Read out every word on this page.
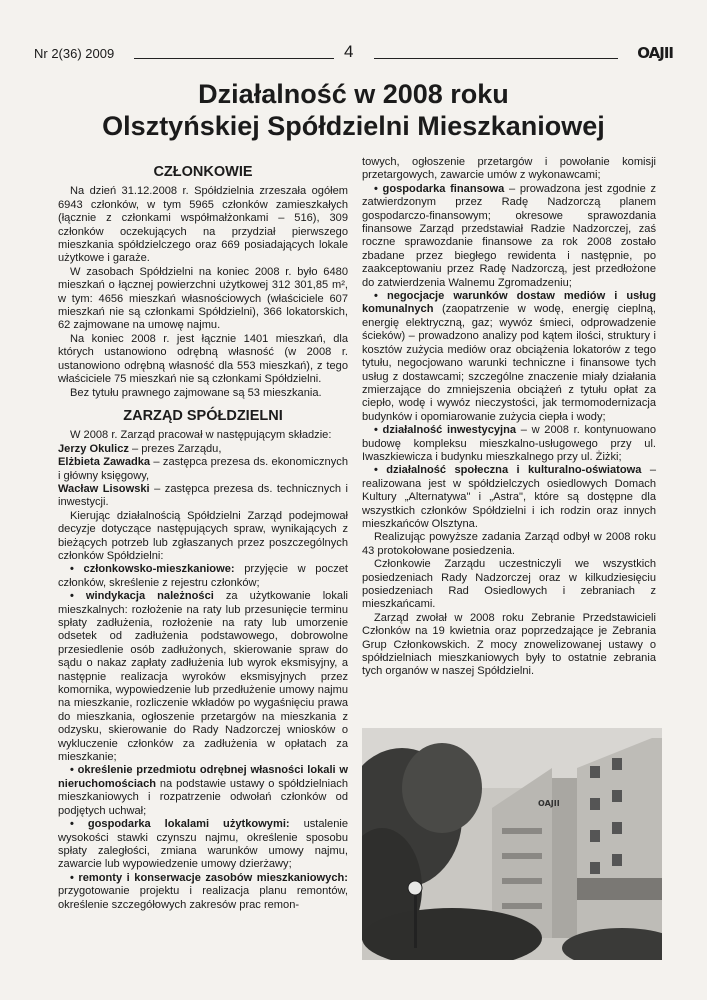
Nr 2(36) 2009	4	OAJII
Działalność w 2008 roku
Olsztyńskiej Spółdzielni Mieszkaniowej

CZŁONKOWIE

Na dzień 31.12.2008 r. Spółdzielnia zrzeszała ogółem 6943 członków, w tym 5965 członków zamieszkałych (łącznie z członkami współmałżonkami – 516), 309 członków oczekujących na przydział pierwszego mieszkania spółdzielczego oraz 669 posiadających lokale użytkowe i garaże.

W zasobach Spółdzielni na koniec 2008 r. było 6480 mieszkań o łącznej powierzchni użytkowej 312 301,85 m², w tym: 4656 mieszkań własnościowych (właściciele 607 mieszkań nie są członkami Spółdzielni), 366 lokatorskich, 62 zajmowane na umowę najmu.

Na koniec 2008 r. jest łącznie 1401 mieszkań, dla których ustanowiono odrębną własność (w 2008 r. ustanowiono odrębną własność dla 553 mieszkań), z tego właściciele 75 mieszkań nie są członkami Spółdzielni.

Bez tytułu prawnego zajmowane są 53 mieszkania.

ZARZĄD SPÓŁDZIELNI

W 2008 r. Zarząd pracował w następującym składzie:

Jerzy Okulicz – prezes Zarządu,

Elżbieta Zawadka – zastępca prezesa ds. ekonomicznych i główny księgowy,

Wacław Lisowski – zastępca prezesa ds. technicznych i inwestycji.

Kierując działalnością Spółdzielni Zarząd podejmował decyzje dotyczące następujących spraw, wynikających z bieżących potrzeb lub zgłaszanych przez poszczególnych członków Spółdzielni:

• członkowsko-mieszkaniowe: przyjęcie w poczet członków, skreślenie z rejestru członków;

• windykacja należności za użytkowanie lokali mieszkalnych: rozłożenie na raty lub przesunięcie terminu spłaty zadłużenia, rozłożenie na raty lub umorzenie odsetek od zadłużenia podstawowego, dobrowolne przesiedlenie osób zadłużonych, skierowanie spraw do sądu o nakaz zapłaty zadłużenia lub wyrok eksmisyjny, a następnie realizacja wyroków eksmisyjnych przez komornika, wypowiedzenie lub przedłużenie umowy najmu na mieszkanie, rozliczenie wkładów po wygaśnięciu prawa do mieszkania, ogłoszenie przetargów na mieszkania z odzysku, skierowanie do Rady Nadzorczej wniosków o wykluczenie członków za zadłużenia w opłatach za mieszkanie;

• określenie przedmiotu odrębnej własności lokali w nieruchomościach na podstawie ustawy o spółdzielniach mieszkaniowych i rozpatrzenie odwołań członków od podjętych uchwał;

• gospodarka lokalami użytkowymi: ustalenie wysokości stawki czynszu najmu, określenie sposobu spłaty zaległości, zmiana warunków umowy najmu, zawarcie lub wypowiedzenie umowy dzierżawy;

• remonty i konserwacje zasobów mieszkaniowych: przygotowanie projektu i realizacja planu remontów, określenie szczegółowych zakresów prac remon-

towych, ogłoszenie przetargów i powołanie komisji przetargowych, zawarcie umów z wykonawcami;

• gospodarka finansowa – prowadzona jest zgodnie z zatwierdzonym przez Radę Nadzorczą planem gospodarczo-finansowym; okresowe sprawozdania finansowe Zarząd przedstawiał Radzie Nadzorczej, zaś roczne sprawozdanie finansowe za rok 2008 zostało zbadane przez biegłego rewidenta i następnie, po zaakceptowaniu przez Radę Nadzorczą, jest przedłożone do zatwierdzenia Walnemu Zgromadzeniu;

• negocjacje warunków dostaw mediów i usług komunalnych (zaopatrzenie w wodę, energię cieplną, energię elektryczną, gaz; wywóz śmieci, odprowadzenie ścieków) – prowadzono analizy pod kątem ilości, struktury i kosztów zużycia mediów oraz obciążenia lokatorów z tego tytułu, negocjowano warunki techniczne i finansowe tych usług z dostawcami; szczególne znaczenie miały działania zmierzające do zmniejszenia obciążeń z tytułu opłat za ciepło, wodę i wywóz nieczystości, jak termomodernizacja budynków i opomiarowanie zużycia ciepła i wody;

• działalność inwestycyjna – w 2008 r. kontynuowano budowę kompleksu mieszkalno-usługowego przy ul. Iwaszkiewicza i budynku mieszkalnego przy ul. Żiżki;

• działalność społeczna i kulturalno-oświatowa – realizowana jest w spółdzielczych osiedlowych Domach Kultury „Alternatywa" i „Astra", które są dostępne dla wszystkich członków Spółdzielni i ich rodzin oraz innych mieszkańców Olsztyna.

Realizując powyższe zadania Zarząd odbył w 2008 roku 43 protokołowane posiedzenia.

Członkowie Zarządu uczestniczyli we wszystkich posiedzeniach Rady Nadzorczej oraz w kilkudziesięciu posiedzeniach Rad Osiedlowych i zebraniach z mieszkańcami.

Zarząd zwołał w 2008 roku Zebranie Przedstawicieli Członków na 19 kwietnia oraz poprzedzające je Zebrania Grup Członkowskich. Z mocy znowelizowanej ustawy o spółdzielniach mieszkaniowych były to ostatnie zebrania tych organów w naszej Spółdzielni.

OAJII
